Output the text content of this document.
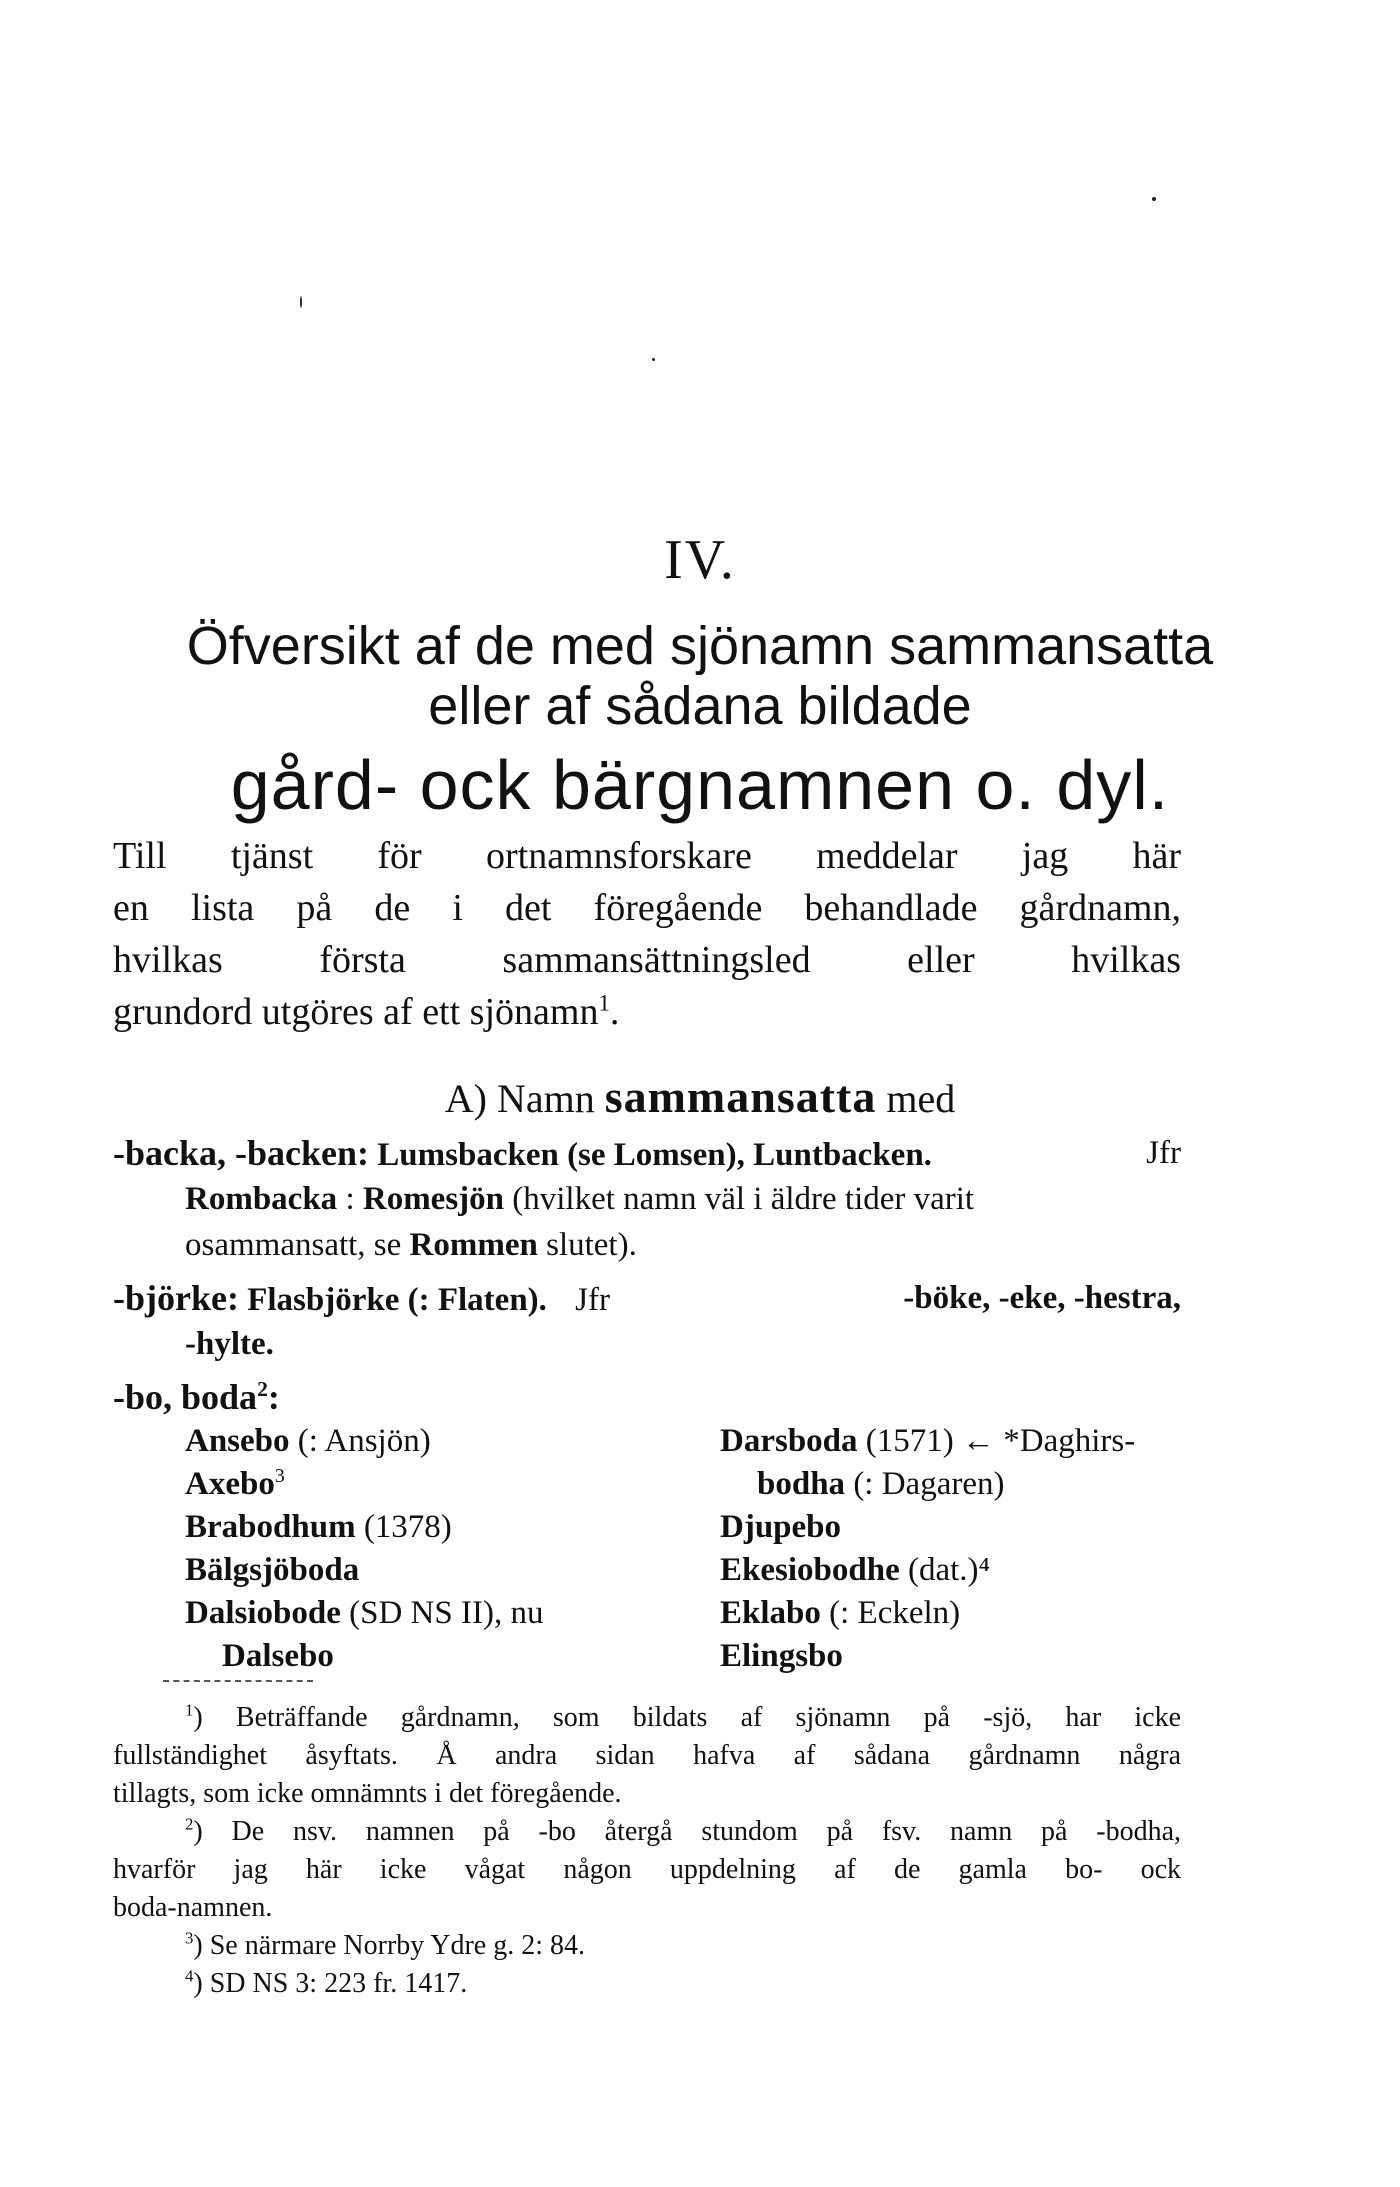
IV.
Öfversikt af de med sjönamn sammansatta
eller af sådana bildade
gård- ock bärgnamnen o. dyl.
Till tjänst för ortnamnsforskare meddelar jag här
en lista på de i det föregående behandlade gårdnamn,
hvilkas första sammansättningsled eller hvilkas
grundord utgöres af ett sjönamn$^1$.
A) Namn sammansatta med
-backa, -backen: Lumsbacken (se Lomsen), Luntbacken.	Jfr
Rombacka : Romesjön (hvilket namn väl i äldre tider varit
osammansatt, se Rommen slutet).
-björke: Flasbjörke (: Flaten). Jfr	-böke, -eke, -hestra,
-hylte.
-bo, boda$^2$:
Ansebo (: Ansjön)
Axebo$^3$
Brabodhum (1378)
Bälgsjöboda
Dalsiobode (SD NS II), nu
Dalsebo
Darsboda (1571) ← *Daghirs-
bodha (: Dagaren)
Djupebo
Ekesiobodhe (dat.)⁴
Eklabo (: Eckeln)
Elingsbo
$^1$) Beträffande gårdnamn, som bildats af sjönamn på -sjö, har icke
fullständighet åsyftats. Å andra sidan hafva af sådana gårdnamn några
tillagts, som icke omnämnts i det föregående.
$^2$) De nsv. namnen på -bo återgå stundom på fsv. namn på -bodha,
hvarför jag här icke vågat någon uppdelning af de gamla bo- ock
boda-namnen.
$^3$) Se närmare Norrby Ydre g. 2: 84.
$^4$) SD NS 3: 223 fr. 1417.
